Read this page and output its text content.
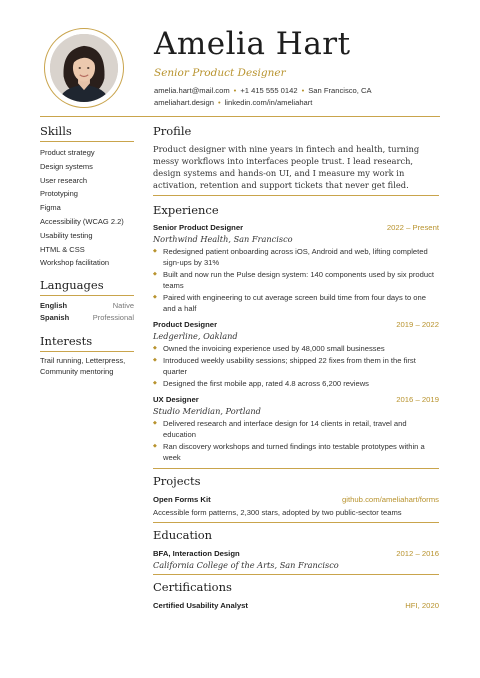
Amelia Hart
Senior Product Designer
amelia.hart@mail.com • +1 415 555 0142 • San Francisco, CA
ameliahart.design • linkedin.com/in/ameliahart
Skills
Product strategy
Design systems
User research
Prototyping
Figma
Accessibility (WCAG 2.2)
Usability testing
HTML & CSS
Workshop facilitation
Languages
English	Native
Spanish	Professional
Interests
Trail running, Letterpress, Community mentoring
Profile
Product designer with nine years in fintech and health, turning messy workflows into interfaces people trust. I lead research, design systems and hands-on UI, and I measure my work in activation, retention and support tickets that never get filed.
Experience
Senior Product Designer	2022 – Present
Northwind Health, San Francisco
◆ Redesigned patient onboarding across iOS, Android and web, lifting completed sign-ups by 31%
◆ Built and now run the Pulse design system: 140 components used by six product teams
◆ Paired with engineering to cut average screen build time from four days to one and a half
Product Designer	2019 – 2022
Ledgerline, Oakland
◆ Owned the invoicing experience used by 48,000 small businesses
◆ Introduced weekly usability sessions; shipped 22 fixes from them in the first quarter
◆ Designed the first mobile app, rated 4.8 across 6,200 reviews
UX Designer	2016 – 2019
Studio Meridian, Portland
◆ Delivered research and interface design for 14 clients in retail, travel and education
◆ Ran discovery workshops and turned findings into testable prototypes within a week
Projects
Open Forms Kit	github.com/ameliahart/forms
Accessible form patterns, 2,300 stars, adopted by two public-sector teams
Education
BFA, Interaction Design	2012 – 2016
California College of the Arts, San Francisco
Certifications
Certified Usability Analyst	HFI, 2020
